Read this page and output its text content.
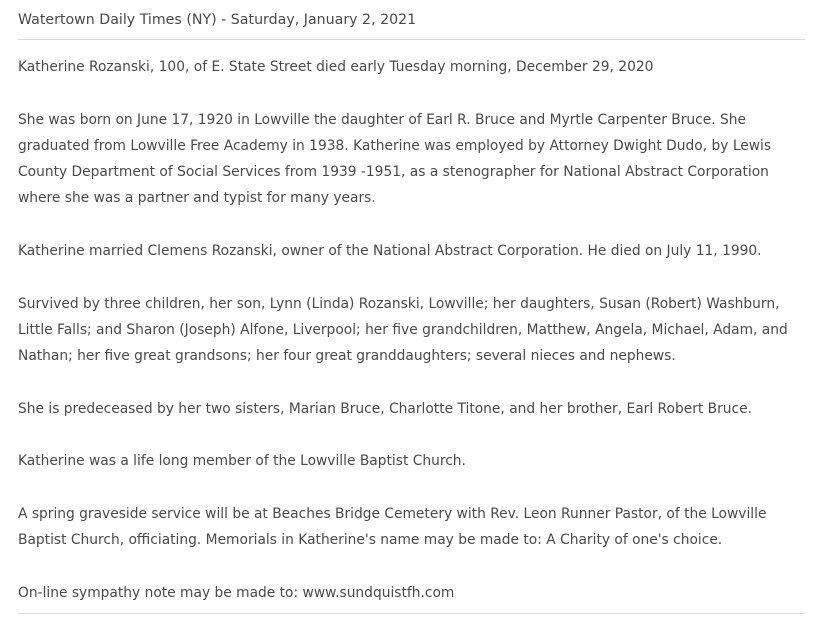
Watertown Daily Times (NY) - Saturday, January 2, 2021

Katherine Rozanski, 100, of E. State Street died early Tuesday morning, December 29, 2020

She was born on June 17, 1920 in Lowville the daughter of Earl R. Bruce and Myrtle Carpenter Bruce. She graduated from Lowville Free Academy in 1938. Katherine was employed by Attorney Dwight Dudo, by Lewis County Department of Social Services from 1939 -1951, as a stenographer for National Abstract Corporation where she was a partner and typist for many years.

Katherine married Clemens Rozanski, owner of the National Abstract Corporation. He died on July 11, 1990.

Survived by three children, her son, Lynn (Linda) Rozanski, Lowville; her daughters, Susan (Robert) Washburn, Little Falls; and Sharon (Joseph) Alfone, Liverpool; her five grandchildren, Matthew, Angela, Michael, Adam, and Nathan; her five great grandsons; her four great granddaughters; several nieces and nephews.

She is predeceased by her two sisters, Marian Bruce, Charlotte Titone, and her brother, Earl Robert Bruce.

Katherine was a life long member of the Lowville Baptist Church.

A spring graveside service will be at Beaches Bridge Cemetery with Rev. Leon Runner Pastor, of the Lowville Baptist Church, officiating. Memorials in Katherine's name may be made to: A Charity of one's choice.

On-line sympathy note may be made to: www.sundquistfh.com
